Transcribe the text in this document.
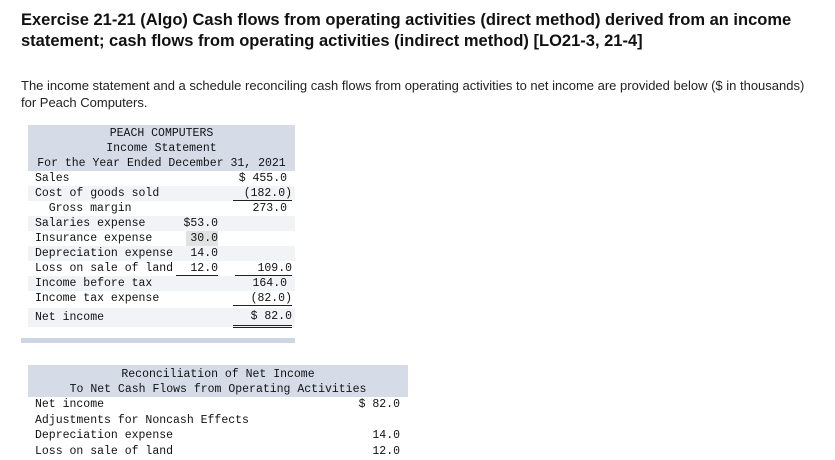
Exercise 21-21 (Algo) Cash flows from operating activities (direct method) derived from an income statement; cash flows from operating activities (indirect method) [LO21-3, 21-4]
The income statement and a schedule reconciling cash flows from operating activities to net income are provided below ($ in thousands) for Peach Computers.
PEACH COMPUTERS
Income Statement
For the Year Ended December 31, 2021
Sales	$ 455.0
Cost of goods sold	(182.0)
Gross margin	273.0
Salaries expense	$53.0
Insurance expense	30.0
Depreciation expense	14.0
Loss on sale of land	12.0	109.0
Income before tax	164.0
Income tax expense	(82.0)
Net income	$ 82.0
Reconciliation of Net Income
To Net Cash Flows from Operating Activities
Net income	$ 82.0
Adjustments for Noncash Effects
Depreciation expense	14.0
Loss on sale of land	12.0
